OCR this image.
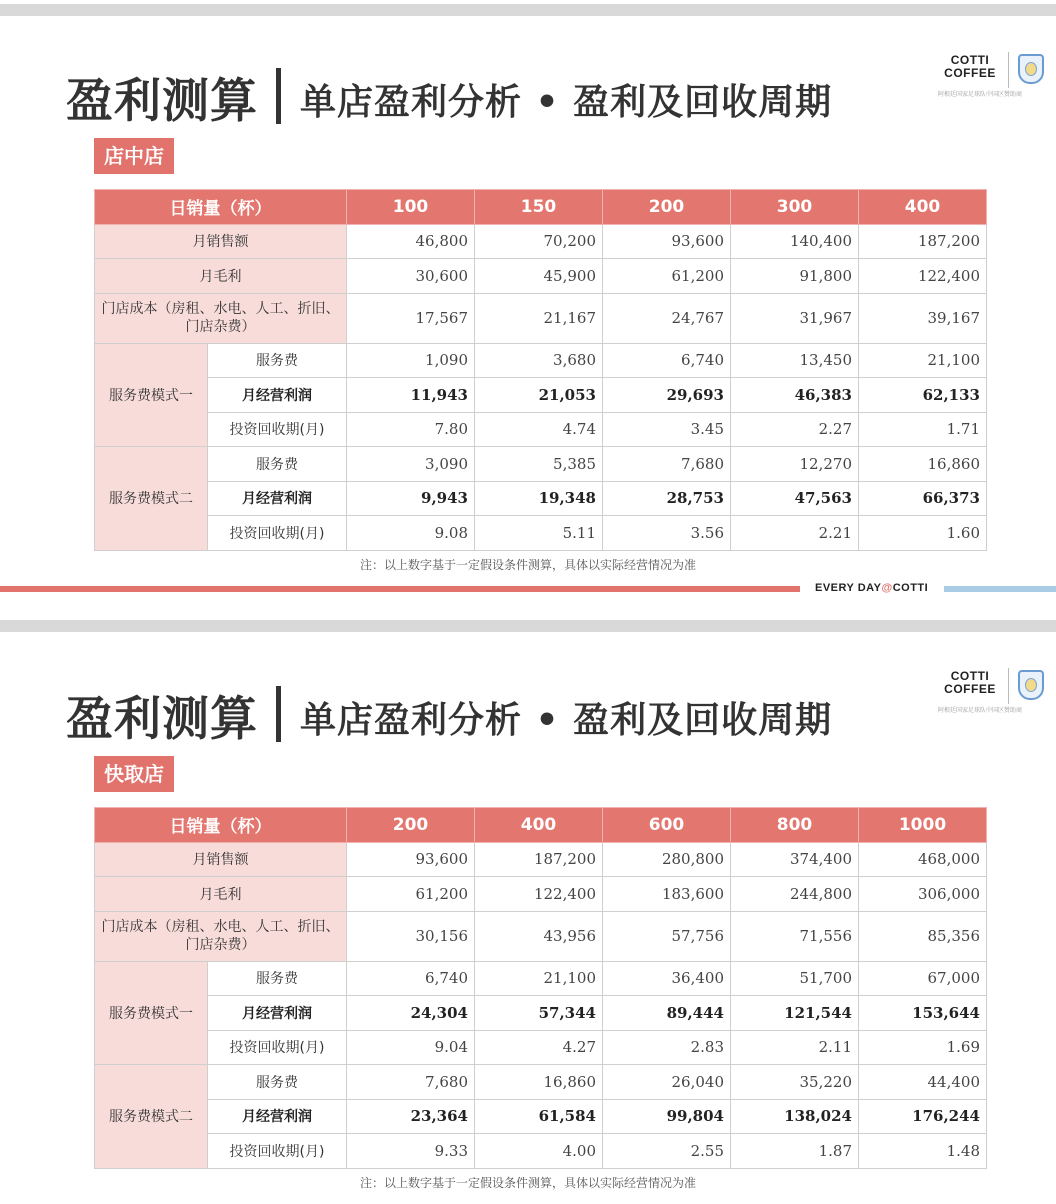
盈利测算 单店盈利分析 • 盈利及回收周期
COTTI
COFFEE
阿根廷国家足球队中国区赞助商
店中店
日销量（杯）		100	150	200	300	400
月销售额		46,800	70,200	93,600	140,400	187,200
月毛利		30,600	45,900	61,200	91,800	122,400
门店成本（房租、水电、人工、折旧、门店杂费）		17,567	21,167	24,767	31,967	39,167
服务费模式一	服务费	1,090	3,680	6,740	13,450	21,100
	月经营利润	11,943	21,053	29,693	46,383	62,133
	投资回收期(月)	7.80	4.74	3.45	2.27	1.71
服务费模式二	服务费	3,090	5,385	7,680	12,270	16,860
	月经营利润	9,943	19,348	28,753	47,563	66,373
	投资回收期(月)	9.08	5.11	3.56	2.21	1.60
注：以上数字基于一定假设条件测算，具体以实际经营情况为准
EVERY DAY@COTTI
盈利测算 单店盈利分析 • 盈利及回收周期
COTTI
COFFEE
阿根廷国家足球队中国区赞助商
快取店
日销量（杯）		200	400	600	800	1000
月销售额		93,600	187,200	280,800	374,400	468,000
月毛利		61,200	122,400	183,600	244,800	306,000
门店成本（房租、水电、人工、折旧、门店杂费）		30,156	43,956	57,756	71,556	85,356
服务费模式一	服务费	6,740	21,100	36,400	51,700	67,000
	月经营利润	24,304	57,344	89,444	121,544	153,644
	投资回收期(月)	9.04	4.27	2.83	2.11	1.69
服务费模式二	服务费	7,680	16,860	26,040	35,220	44,400
	月经营利润	23,364	61,584	99,804	138,024	176,244
	投资回收期(月)	9.33	4.00	2.55	1.87	1.48
注：以上数字基于一定假设条件测算，具体以实际经营情况为准
